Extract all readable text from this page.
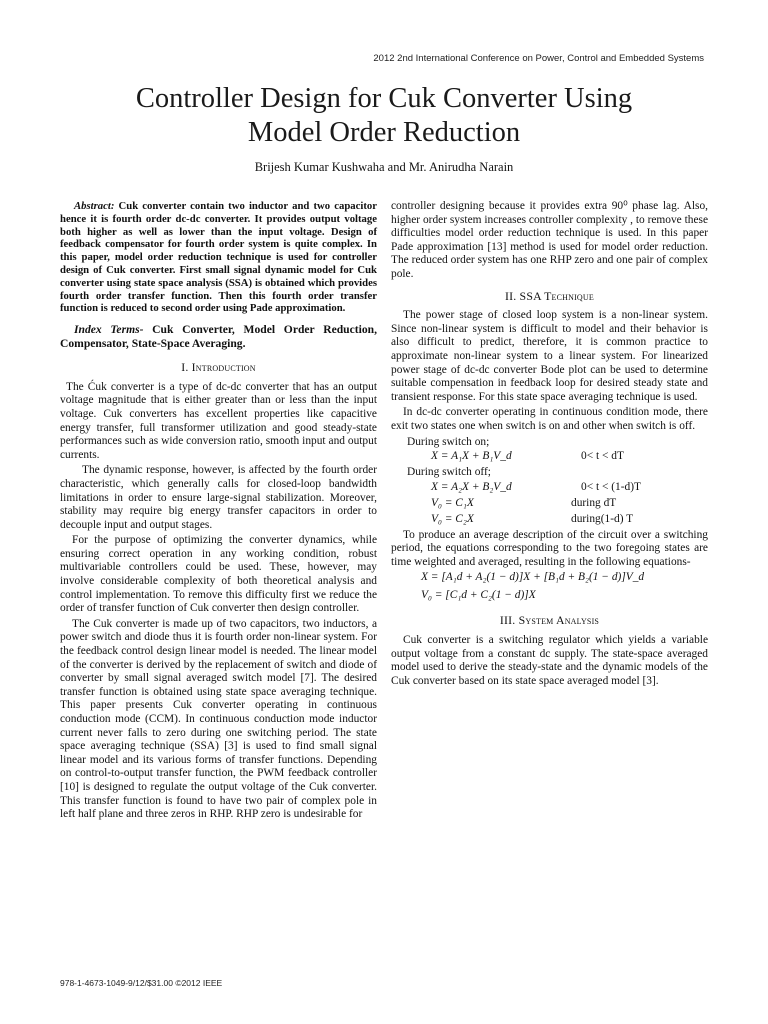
2012 2nd International Conference on Power, Control and Embedded Systems
Controller Design for Cuk Converter Using
Model Order Reduction
Brijesh Kumar Kushwaha and Mr. Anirudha Narain

Abstract: Cuk converter contain two inductor and two capacitor hence it is fourth order dc-dc converter. It provides output voltage both higher as well as lower than the input voltage. Design of feedback compensator for fourth order system is quite complex. In this paper, model order reduction technique is used for controller design of Cuk converter. First small signal dynamic model for Cuk converter using state space analysis (SSA) is obtained which provides fourth order transfer function. Then this fourth order transfer function is reduced to second order using Pade approximation.

Index Terms- Cuk Converter, Model Order Reduction, Compensator, State-Space Averaging.

I. Introduction

The Ćuk converter is a type of dc-dc converter that has an output voltage magnitude that is either greater than or less than the input voltage. Cuk converters has excellent properties like capacitive energy transfer, full transformer utilization and good steady-state performances such as wide conversion ratio, smooth input and output currents.

The dynamic response, however, is affected by the fourth order characteristic, which generally calls for closed-loop bandwidth limitations in order to ensure large-signal stabilization. Moreover, stability may require big energy transfer capacitors in order to decouple input and output stages.

For the purpose of optimizing the converter dynamics, while ensuring correct operation in any working condition, robust multivariable controllers could be used. These, however, may involve considerable complexity of both theoretical analysis and control implementation. To remove this difficulty first we reduce the order of transfer function of Cuk converter then design controller.

The Cuk converter is made up of two capacitors, two inductors, a power switch and diode thus it is fourth order non-linear system. For the feedback control design linear model is needed. The linear model of the converter is derived by the replacement of switch and diode of converter by small signal averaged switch model [7]. The desired transfer function is obtained using state space averaging technique. This paper presents Cuk converter operating in continuous conduction mode (CCM). In continuous conduction mode inductor current never falls to zero during one switching period. The state space averaging technique (SSA) [3] is used to find small signal linear model and its various forms of transfer functions. Depending on control-to-output transfer function, the PWM feedback controller [10] is designed to regulate the output voltage of the Cuk converter. This transfer function is found to have two pair of complex pole in left half plane and three zeros in RHP. RHP zero is undesirable for

controller designing because it provides extra 90⁰ phase lag. Also, higher order system increases controller complexity , to remove these difficulties model order reduction technique is used. In this paper Pade approximation [13] method is used for model order reduction. The reduced order system has one RHP zero and one pair of complex pole.

II. SSA Technique

The power stage of closed loop system is a non-linear system. Since non-linear system is difficult to model and their behavior is also difficult to predict, therefore, it is common practice to approximate non-linear system to a linear system. For linearized power stage of dc-dc converter Bode plot can be used to determine suitable compensation in feedback loop for desired steady state and transient response. For this state space averaging technique is used.

In dc-dc converter operating in continuous condition mode, there exit two states one when switch is on and other when switch is off.

During switch on;

X = A₁X + B₁V_d	0< t < dT

During switch off;

X = A₂X + B₂V_d	0< t < (1-d)T
V₀ = C₁X	during dT
V₀ = C₂X	during(1-d) T

To produce an average description of the circuit over a switching period, the equations corresponding to the two foregoing states are time weighted and averaged, resulting in the following equations-

X = [A₁d + A₂(1 − d)]X + [B₁d + B₂(1 − d)]V_d
V₀ = [C₁d + C₂(1 − d)]X
III. System Analysis

Cuk converter is a switching regulator which yields a variable output voltage from a constant dc supply. The state-space averaged model used to derive the steady-state and the dynamic models of the Cuk converter based on its state space averaged model [3].

978-1-4673-1049-9/12/$31.00 ©2012 IEEE
